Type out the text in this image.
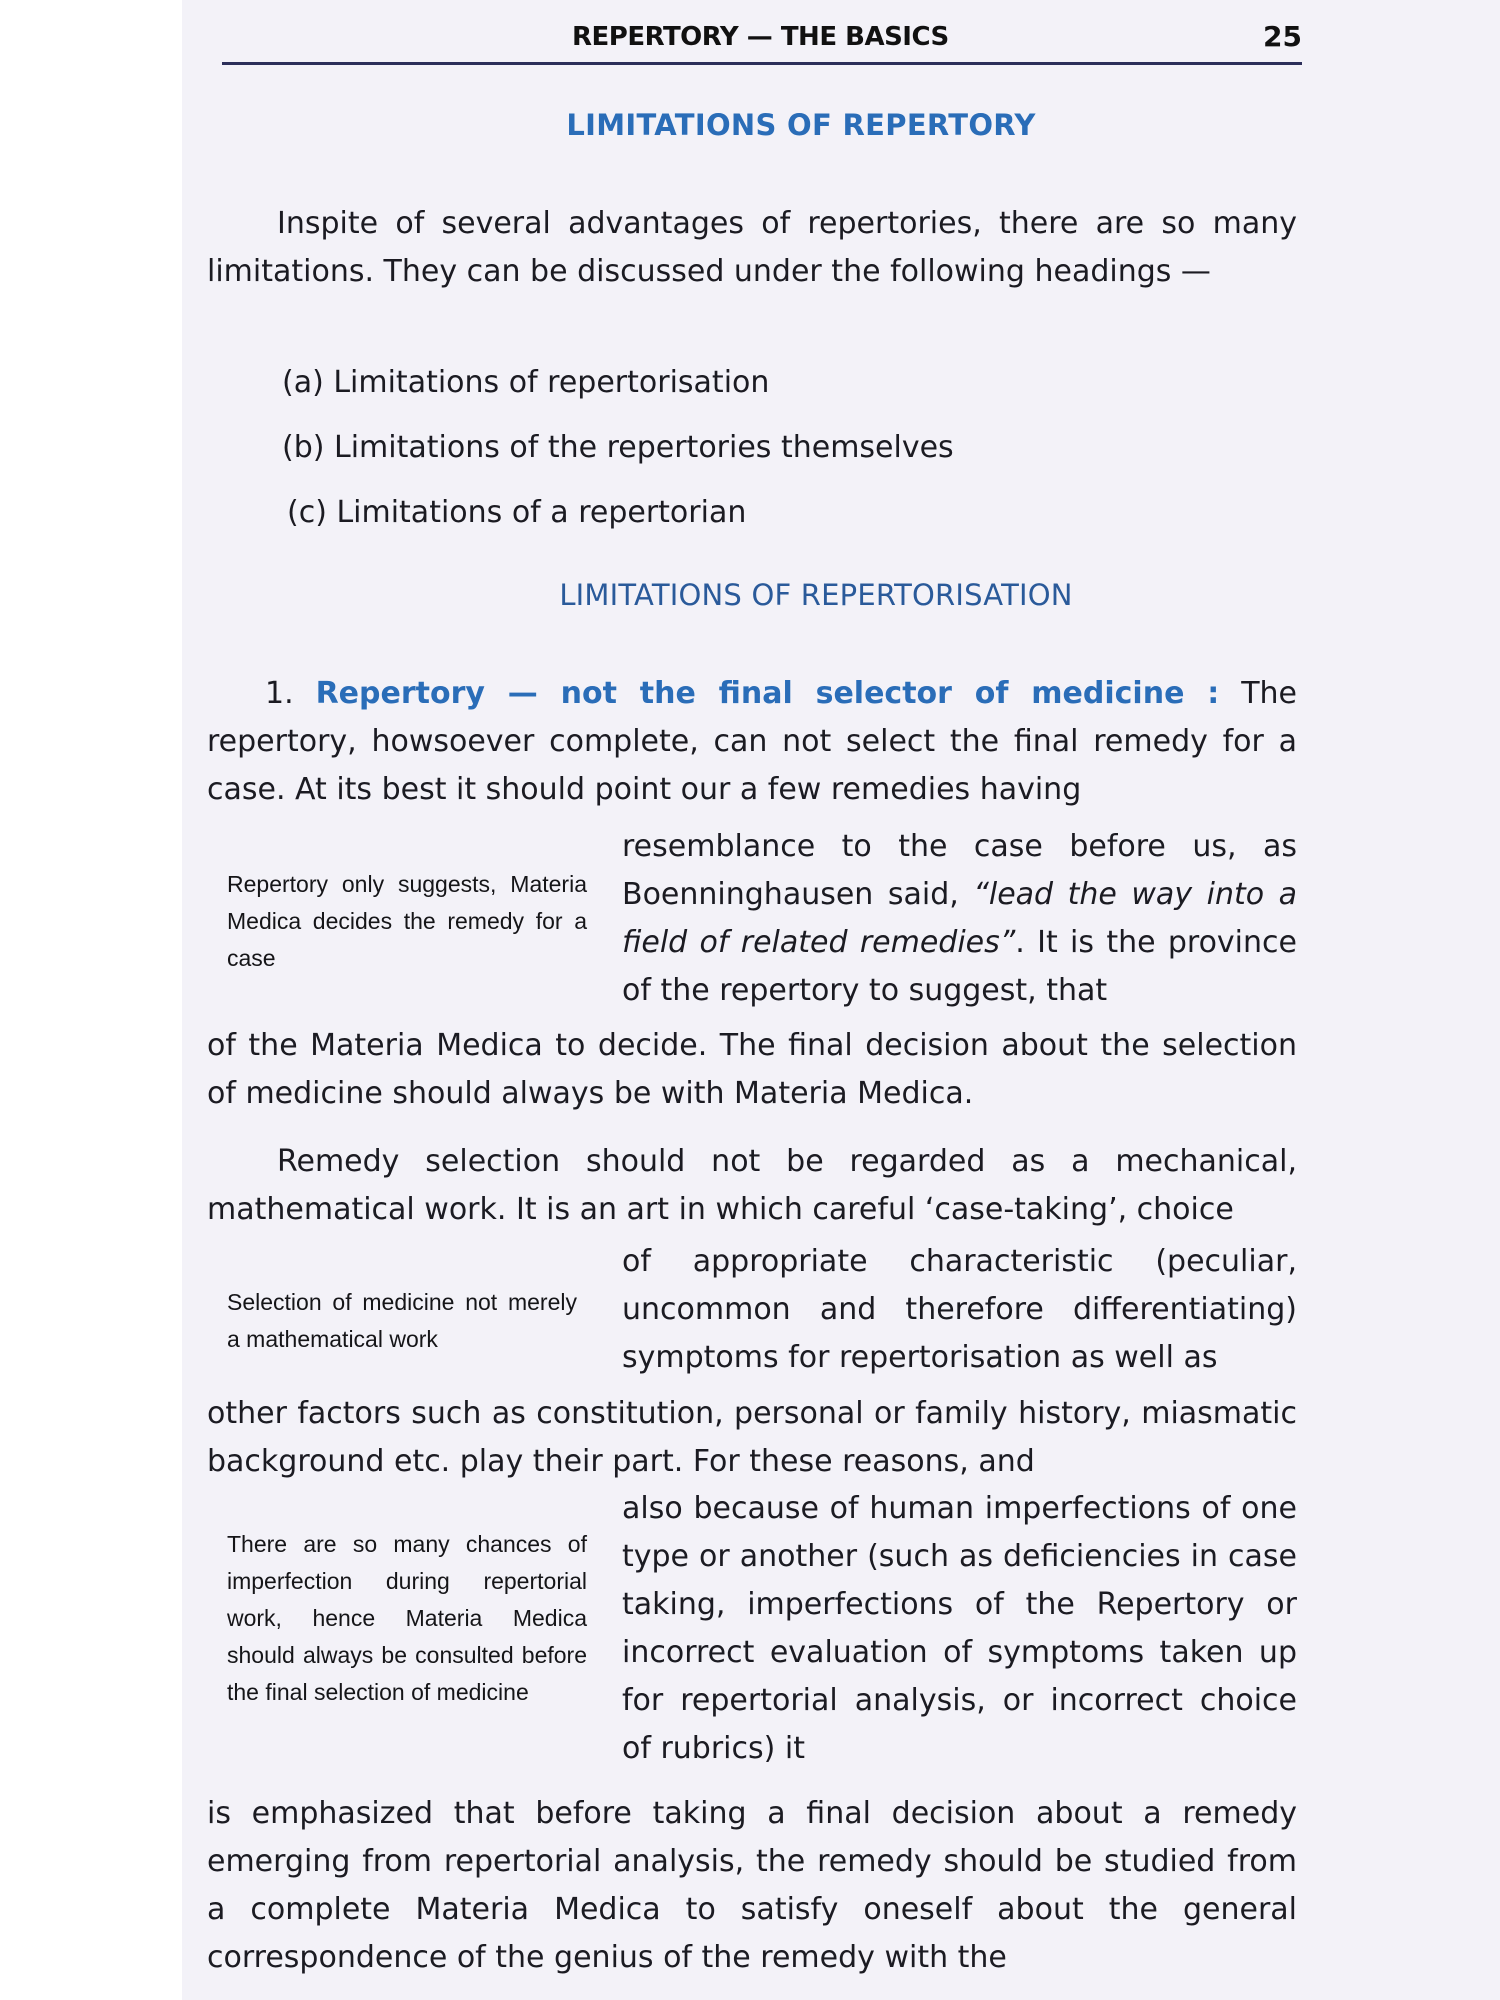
REPERTORY — THE BASICS	25
LIMITATIONS OF REPERTORY

Inspite of several advantages of repertories, there are so many limitations. They can be discussed under the following headings —

(a) Limitations of repertorisation
(b) Limitations of the repertories themselves
(c) Limitations of a repertorian
LIMITATIONS OF REPERTORISATION

1. Repertory — not the final selector of medicine : The repertory, howsoever complete, can not select the final remedy for a case. At its best it should point our a few remedies having

Repertory only suggests, Materia Medica decides the remedy for a case

resemblance to the case before us, as Boenninghausen said, “lead the way into a field of related remedies”. It is the province of the repertory to suggest, that

of the Materia Medica to decide. The final decision about the selection of medicine should always be with Materia Medica.

Remedy selection should not be regarded as a mechanical, mathematical work. It is an art in which careful ‘case-taking’, choice

Selection of medicine not merely a mathematical work

of appropriate characteristic (peculiar, uncommon and therefore differentiating) symptoms for repertorisation as well as

other factors such as constitution, personal or family history, miasmatic background etc. play their part. For these reasons, and

There are so many chances of imperfection during repertorial work, hence Materia Medica should always be consulted before the final selection of medicine

also because of human imperfections of one type or another (such as deficiencies in case taking, imperfections of the Repertory or incorrect evaluation of symptoms taken up for repertorial analysis, or incorrect choice of rubrics) it

is emphasized that before taking a final decision about a remedy emerging from repertorial analysis, the remedy should be studied from a complete Materia Medica to satisfy oneself about the general correspondence of the genius of the remedy with the
